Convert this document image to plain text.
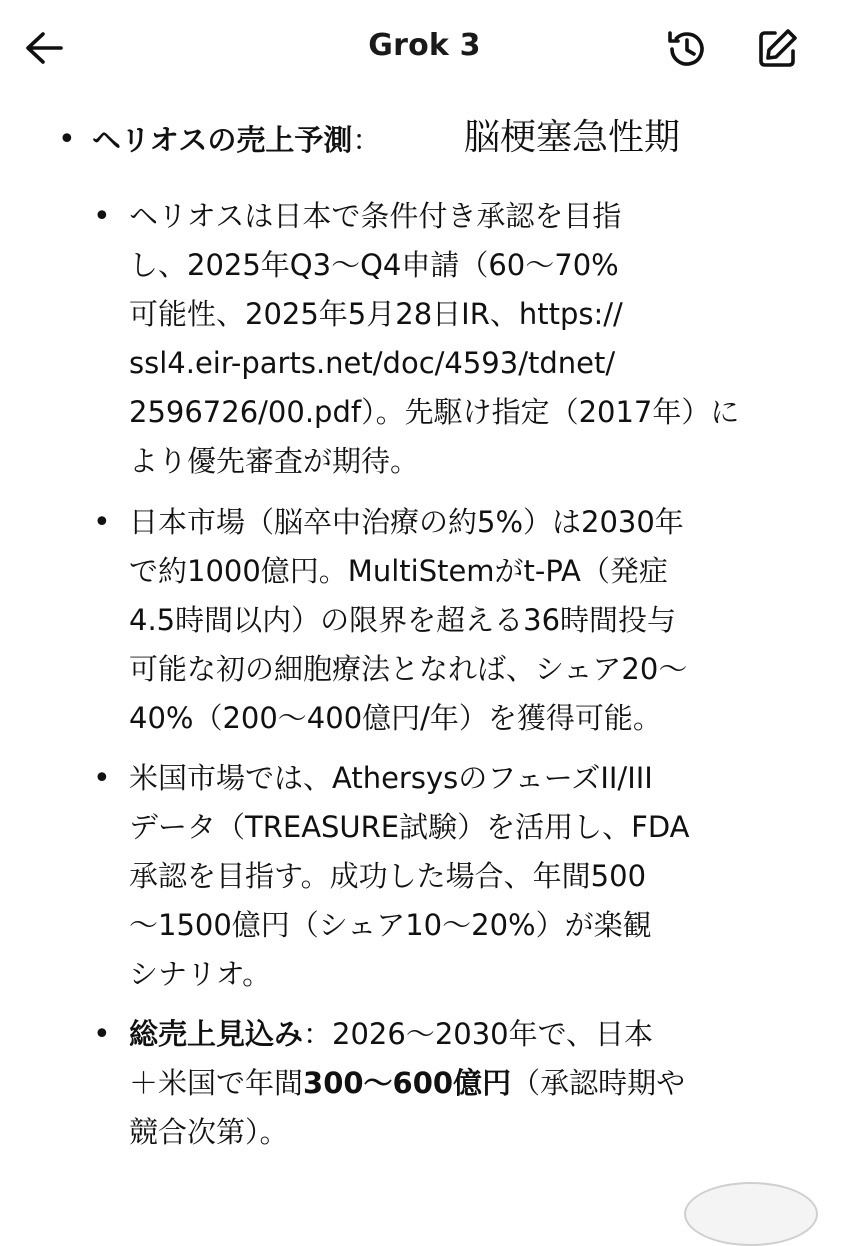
Grok 3
• ヘリオスの売上予測： 脳梗塞急性期
• ヘリオスは日本で条件付き承認を目指
し、2025年Q3〜Q4申請（60〜70%
可能性、2025年5月28日IR、https://
ssl4.eir-parts.net/doc/4593/tdnet/
2596726/00.pdf）。先駆け指定（2017年）に
より優先審査が期待。
• 日本市場（脳卒中治療の約5%）は2030年
で約1000億円。MultiStemがt-PA（発症
4.5時間以内）の限界を超える36時間投与
可能な初の細胞療法となれば、シェア20〜
40%（200〜400億円/年）を獲得可能。
• 米国市場では、AthersysのフェーズII/III
データ（TREASURE試験）を活用し、FDA
承認を目指す。成功した場合、年間500
〜1500億円（シェア10〜20%）が楽観
シナリオ。
• 総売上見込み：2026〜2030年で、日本
＋米国で年間300〜600億円（承認時期や
競合次第）。
